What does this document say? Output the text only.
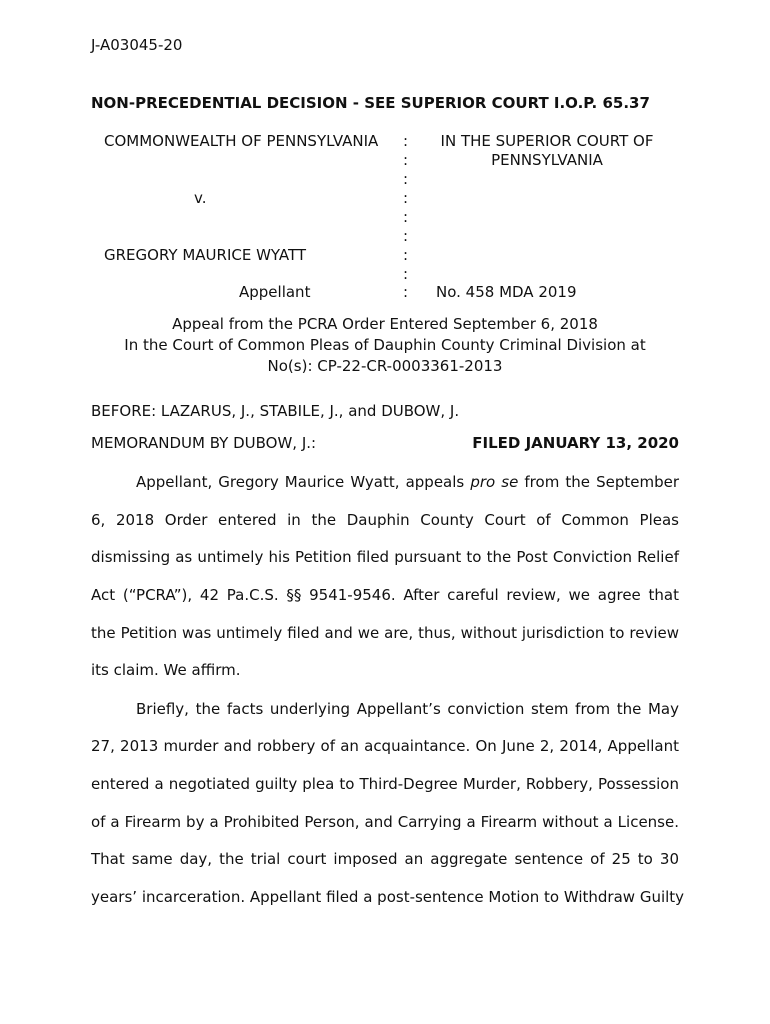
J-A03045-20
NON-PRECEDENTIAL DECISION - SEE SUPERIOR COURT I.O.P. 65.37
COMMONWEALTH OF PENNSYLVANIA
v.
GREGORY MAURICE WYATT
Appellant
:
:
:
:
:
:
:
:
:
IN THE SUPERIOR COURT OF PENNSYLVANIA
No. 458 MDA 2019
Appeal from the PCRA Order Entered September 6, 2018
In the Court of Common Pleas of Dauphin County Criminal Division at
No(s): CP-22-CR-0003361-2013
BEFORE: LAZARUS, J., STABILE, J., and DUBOW, J.
MEMORANDUM BY DUBOW, J.:	FILED JANUARY 13, 2020
Appellant, Gregory Maurice Wyatt, appeals pro se from the September
6, 2018 Order entered in the Dauphin County Court of Common Pleas
dismissing as untimely his Petition filed pursuant to the Post Conviction Relief
Act (“PCRA”), 42 Pa.C.S. §§ 9541-9546. After careful review, we agree that
the Petition was untimely filed and we are, thus, without jurisdiction to review
its claim. We affirm.
Briefly, the facts underlying Appellant’s conviction stem from the May
27, 2013 murder and robbery of an acquaintance. On June 2, 2014, Appellant
entered a negotiated guilty plea to Third-Degree Murder, Robbery, Possession
of a Firearm by a Prohibited Person, and Carrying a Firearm without a License.
That same day, the trial court imposed an aggregate sentence of 25 to 30
years’ incarceration. Appellant filed a post-sentence Motion to Withdraw Guilty
